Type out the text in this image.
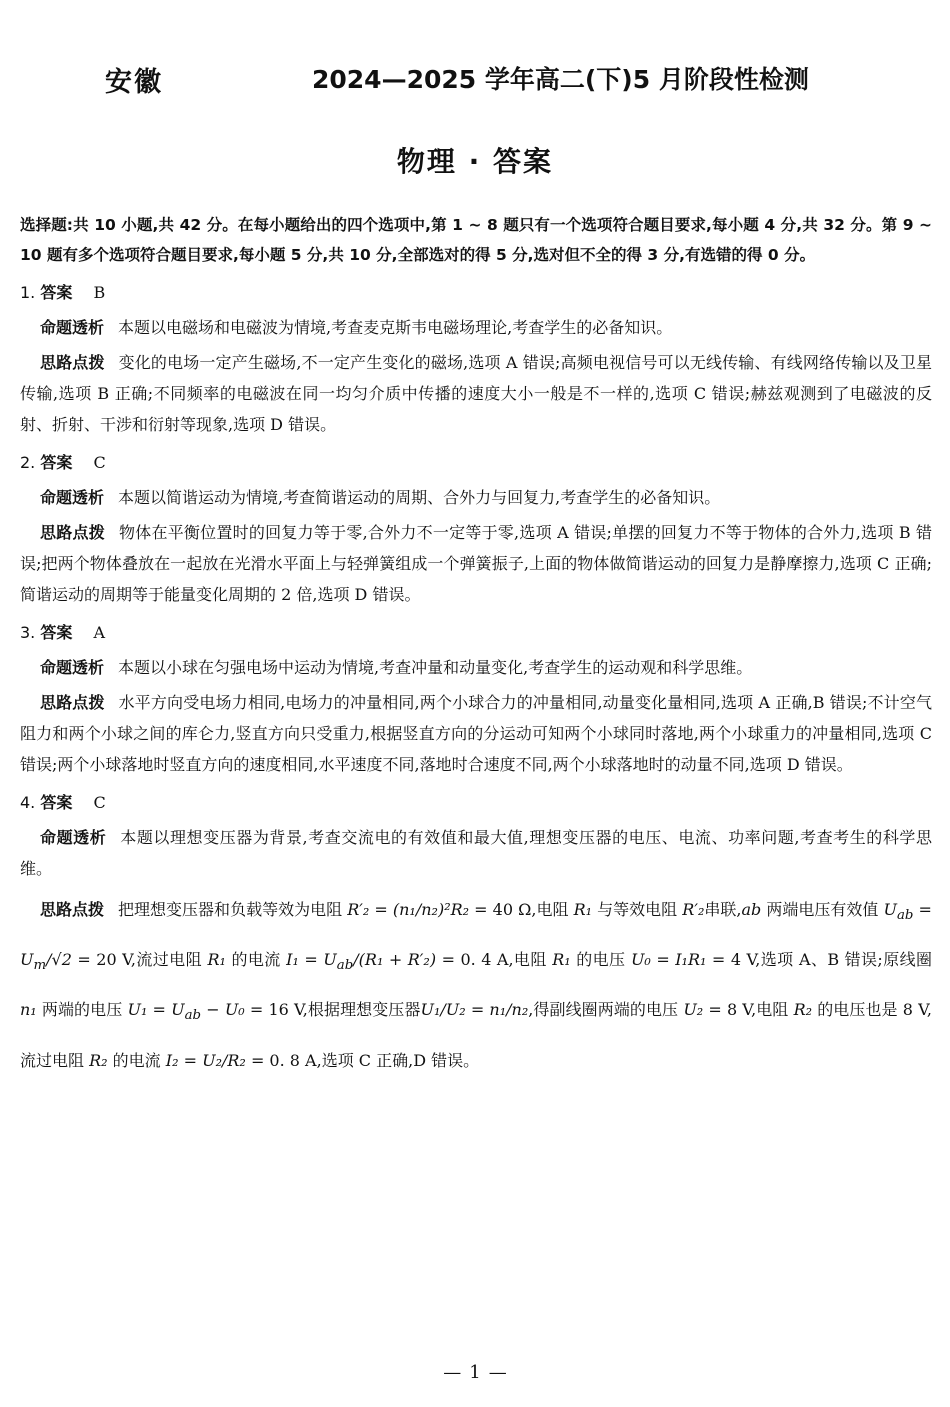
安徽	2024—2025 学年高二(下)5 月阶段性检测
物理 · 答案

选择题:共 10 小题,共 42 分。在每小题给出的四个选项中,第 1 ~ 8 题只有一个选项符合题目要求,每小题 4 分,共 32 分。第 9 ~ 10 题有多个选项符合题目要求,每小题 5 分,共 10 分,全部选对的得 5 分,选对但不全的得 3 分,有选错的得 0 分。

1. 答案 B

命题透析 本题以电磁场和电磁波为情境,考查麦克斯韦电磁场理论,考查学生的必备知识。

思路点拨 变化的电场一定产生磁场,不一定产生变化的磁场,选项 A 错误;高频电视信号可以无线传输、有线网络传输以及卫星传输,选项 B 正确;不同频率的电磁波在同一均匀介质中传播的速度大小一般是不一样的,选项 C 错误;赫兹观测到了电磁波的反射、折射、干涉和衍射等现象,选项 D 错误。

2. 答案 C

命题透析 本题以简谐运动为情境,考查简谐运动的周期、合外力与回复力,考查学生的必备知识。

思路点拨 物体在平衡位置时的回复力等于零,合外力不一定等于零,选项 A 错误;单摆的回复力不等于物体的合外力,选项 B 错误;把两个物体叠放在一起放在光滑水平面上与轻弹簧组成一个弹簧振子,上面的物体做简谐运动的回复力是静摩擦力,选项 C 正确;简谐运动的周期等于能量变化周期的 2 倍,选项 D 错误。

3. 答案 A

命题透析 本题以小球在匀强电场中运动为情境,考查冲量和动量变化,考查学生的运动观和科学思维。

思路点拨 水平方向受电场力相同,电场力的冲量相同,两个小球合力的冲量相同,动量变化量相同,选项 A 正确,B 错误;不计空气阻力和两个小球之间的库仑力,竖直方向只受重力,根据竖直方向的分运动可知两个小球同时落地,两个小球重力的冲量相同,选项 C 错误;两个小球落地时竖直方向的速度相同,水平速度不同,落地时合速度不同,两个小球落地时的动量不同,选项 D 错误。

4. 答案 C

命题透析 本题以理想变压器为背景,考查交流电的有效值和最大值,理想变压器的电压、电流、功率问题,考查考生的科学思维。

思路点拨 把理想变压器和负载等效为电阻 R′₂ = (n₁/n₂)²R₂ = 40 Ω,电阻 R₁ 与等效电阻 R′₂串联,ab 两端电压有效值 $U_{ab} = U_m/√2 = 20$ V,流过电阻 R₁ 的电流 $I_1 = U_{ab}/(R_1 + R'_2) = 0$. 4 A,电阻 R₁ 的电压 U₀ = I₁R₁ = 4 V,选项 A、B 错误;原线圈 n₁ 两端的电压 $U_1 = U_{ab} - U_0 = 16$ V,根据理想变压器U₁/U₂ = n₁/n₂,得副线圈两端的电压 U₂ = 8 V,电阻 R₂ 的电压也是 8 V,流过电阻 R₂ 的电流 I₂ = U₂/R₂ = 0. 8 A,选项 C 正确,D 错误。

— 1 —
